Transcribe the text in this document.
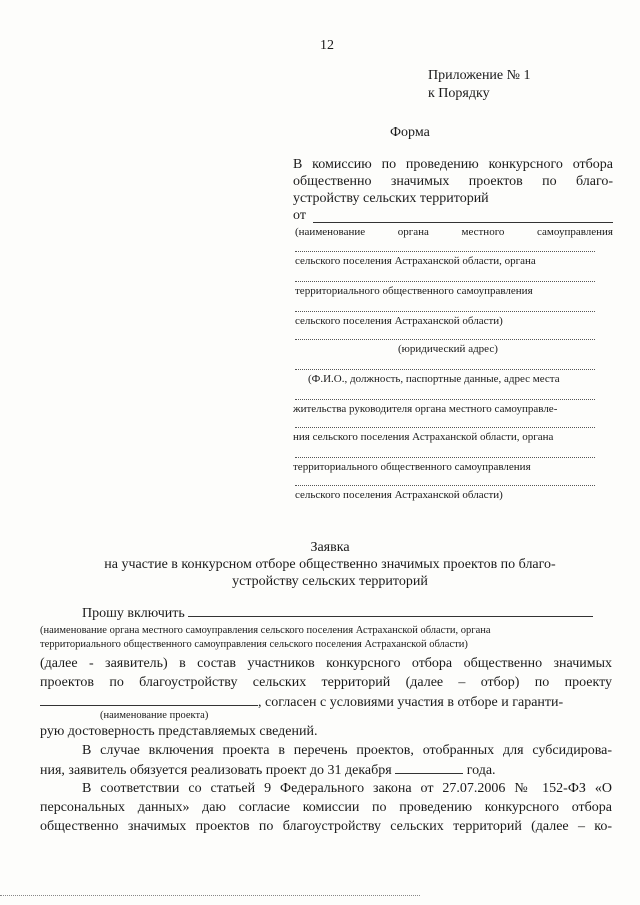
12
Приложение № 1
к Порядку
Форма
В комиссию по проведению конкурсного отбора
общественно значимых проектов по благо-
устройству сельских территорий
от
(наименование органа местного самоуправления
сельского поселения Астраханской области, органа
территориального общественного самоуправления
сельского поселения Астраханской области)
(юридический адрес)
(Ф.И.О., должность, паспортные данные, адрес места
жительства руководителя органа местного самоуправле-
ния сельского поселения Астраханской области, органа
территориального общественного самоуправления
сельского поселения Астраханской области)
Заявка
на участие в конкурсном отборе общественно значимых проектов по благо-
устройству сельских территорий
Прошу включить
(наименование органа местного самоуправления сельского поселения Астраханской области, органа
территориального общественного самоуправления сельского поселения Астраханской области)
(далее - заявитель) в состав участников конкурсного отбора общественно значимых
проектов по благоустройству сельских территорий (далее – отбор) по проекту
, согласен с условиями участия в отборе и гаранти-
(наименование проекта)
рую достоверность представляемых сведений.
В случае включения проекта в перечень проектов, отобранных для субсидирова-
ния, заявитель обязуется реализовать проект до 31 декабря	года.
В соответствии со статьей 9 Федерального закона от 27.07.2006 № 152-ФЗ «О
персональных данных» даю согласие комиссии по проведению конкурсного отбора
общественно значимых проектов по благоустройству сельских территорий (далее – ко-
